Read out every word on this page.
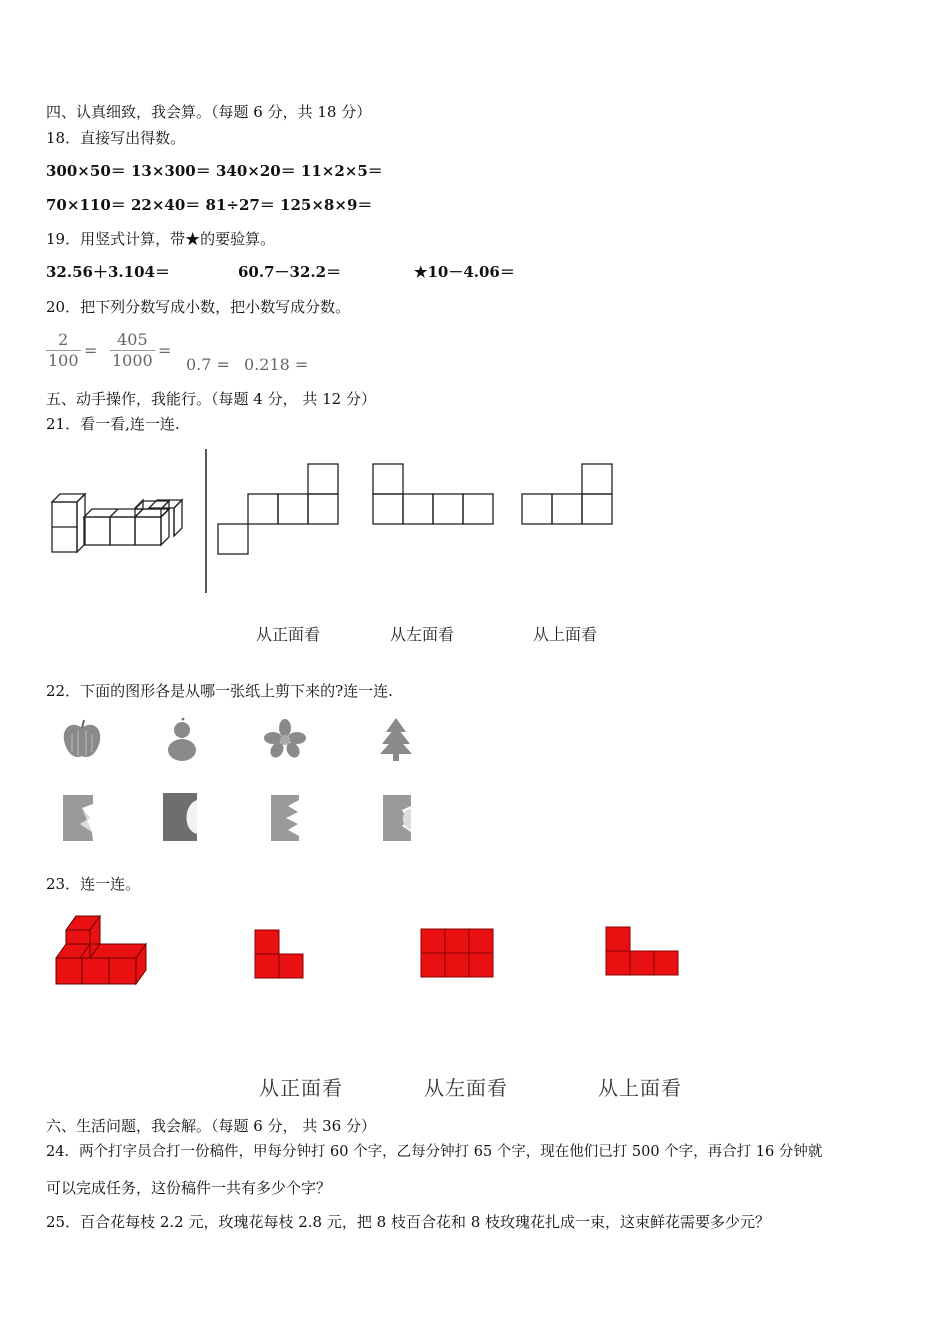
四、认真细致，我会算。（每题 6 分，共 18 分）
18．直接写出得数。
300×50＝ 13×300＝ 340×20＝ 11×2×5＝
70×110＝ 22×40＝ 81÷27＝ 125×8×9＝
19．用竖式计算，带★的要验算。
32.56＋3.104＝	60.7－32.2＝	★10－4.06＝
20．把下列分数写成小数，把小数写成分数。
$\frac{2}{100} = \frac{405}{1000}$ =
0.7 = 0.218 =
五、动手操作，我能行。（每题 4 分， 共 12 分）
21．看一看,连一连.
从正面看	从左面看	从上面看
22．下面的图形各是从哪一张纸上剪下来的?连一连.
23．连一连。
从正面看	从左面看	从上面看
六、生活问题，我会解。（每题 6 分， 共 36 分）
24．两个打字员合打一份稿件，甲每分钟打 60 个字，乙每分钟打 65 个字，现在他们已打 500 个字，再合打 16 分钟就
可以完成任务，这份稿件一共有多少个字？
25．百合花每枝 2.2 元，玫瑰花每枝 2.8 元，把 8 枝百合花和 8 枝玫瑰花扎成一束，这束鲜花需要多少元？
